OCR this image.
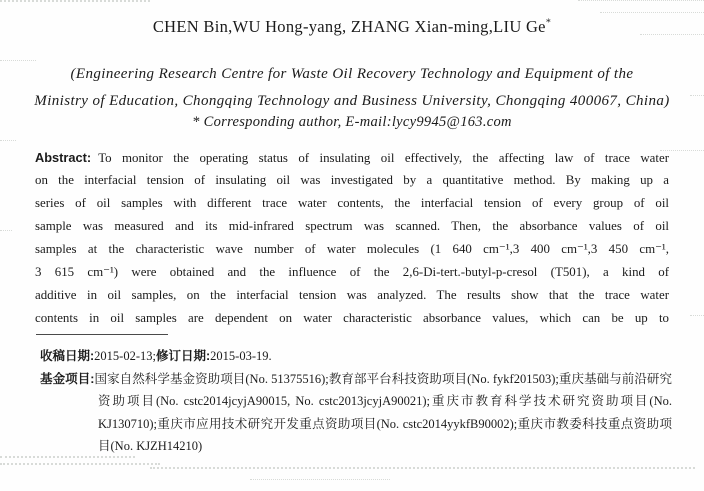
CHEN Bin,WU Hong-yang, ZHANG Xian-ming,LIU Ge*
(Engineering Research Centre for Waste Oil Recovery Technology and Equipment of the
Ministry of Education, Chongqing Technology and Business University, Chongqing 400067, China)
* Corresponding author, E-mail:lycy9945@163.com
Abstract: To monitor the operating status of insulating oil effectively, the affecting law of trace water
on the interfacial tension of insulating oil was investigated by a quantitative method. By making up a
series of oil samples with different trace water contents, the interfacial tension of every group of oil
sample was measured and its mid-infrared spectrum was scanned. Then, the absorbance values of oil
samples at the characteristic wave number of water molecules (1 640 cm⁻¹,3 400 cm⁻¹,3 450 cm⁻¹,
3 615 cm⁻¹) were obtained and the influence of the 2,6-Di-tert.-butyl-p-cresol (T501), a kind of
additive in oil samples, on the interfacial tension was analyzed. The results show that the trace water
contents in oil samples are dependent on water characteristic absorbance values, which can be up to
收稿日期:2015-02-13;修订日期:2015-03-19.
基金项目:国家自然科学基金资助项目(No. 51375516);教育部平台科技资助项目(No. fykf201503);重庆基础与前沿研究资助项目(No. cstc2014jcyjA90015, No. cstc2013jcyjA90021);重庆市教育科学技术研究资助项目(No. KJ130710);重庆市应用技术研究开发重点资助项目(No. cstc2014yykfB90002);重庆市教委科技重点资助项目(No. KJZH14210)
